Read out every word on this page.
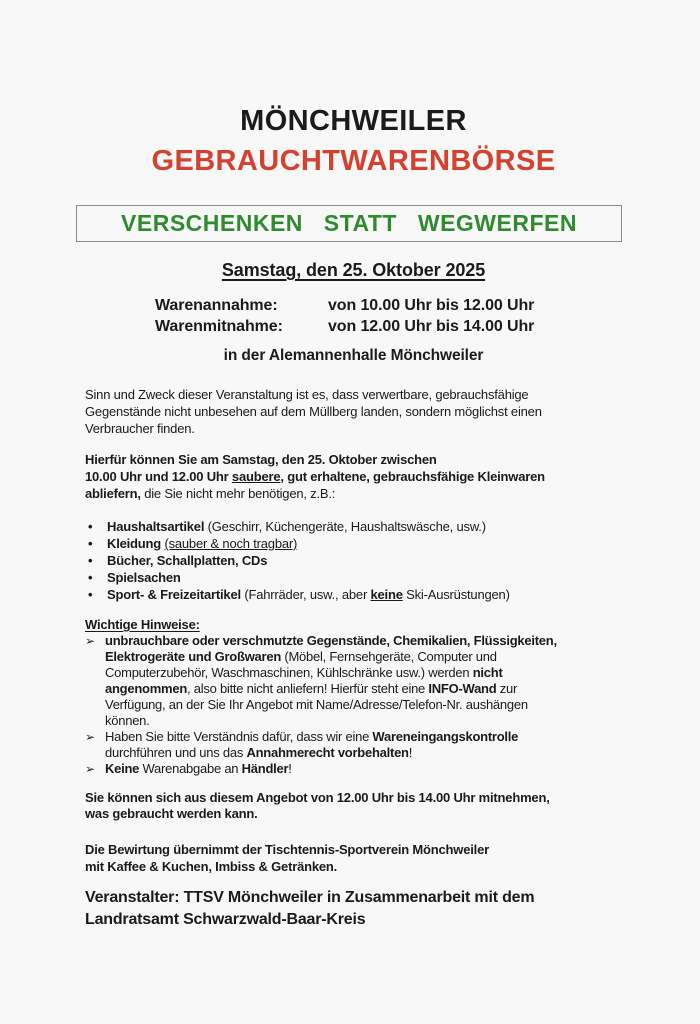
MÖNCHWEILER
GEBRAUCHTWARENBÖRSE
VERSCHENKEN STATT WEGWERFEN
Samstag, den 25. Oktober 2025
Warenannahme:	von 10.00 Uhr bis 12.00 Uhr
Warenmitnahme:	von 12.00 Uhr bis 14.00 Uhr
in der Alemannenhalle Mönchweiler

Sinn und Zweck dieser Veranstaltung ist es, dass verwertbare, gebrauchsfähige
Gegenstände nicht unbesehen auf dem Müllberg landen, sondern möglichst einen
Verbraucher finden.

Hierfür können Sie am Samstag, den 25. Oktober zwischen
10.00 Uhr und 12.00 Uhr saubere, gut erhaltene, gebrauchsfähige Kleinwaren
abliefern, die Sie nicht mehr benötigen, z.B.:

•	Haushaltsartikel (Geschirr, Küchengeräte, Haushaltswäsche, usw.)
•	Kleidung (sauber & noch tragbar)
•	Bücher, Schallplatten, CDs
•	Spielsachen
•	Sport- & Freizeitartikel (Fahrräder, usw., aber keine Ski-Ausrüstungen)
Wichtige Hinweise:
➢ unbrauchbare oder verschmutzte Gegenstände, Chemikalien, Flüssigkeiten,
Elektrogeräte und Großwaren (Möbel, Fernsehgeräte, Computer und
Computerzubehör, Waschmaschinen, Kühlschränke usw.) werden nicht
angenommen, also bitte nicht anliefern! Hierfür steht eine INFO-Wand zur
Verfügung, an der Sie Ihr Angebot mit Name/Adresse/Telefon-Nr. aushängen
können.
➢ Haben Sie bitte Verständnis dafür, dass wir eine Wareneingangskontrolle
durchführen und uns das Annahmerecht vorbehalten!
➢ Keine Warenabgabe an Händler!

Sie können sich aus diesem Angebot von 12.00 Uhr bis 14.00 Uhr mitnehmen,
was gebraucht werden kann.

Die Bewirtung übernimmt der Tischtennis-Sportverein Mönchweiler
mit Kaffee & Kuchen, Imbiss & Getränken.

Veranstalter: TTSV Mönchweiler in Zusammenarbeit mit dem
Landratsamt Schwarzwald-Baar-Kreis
